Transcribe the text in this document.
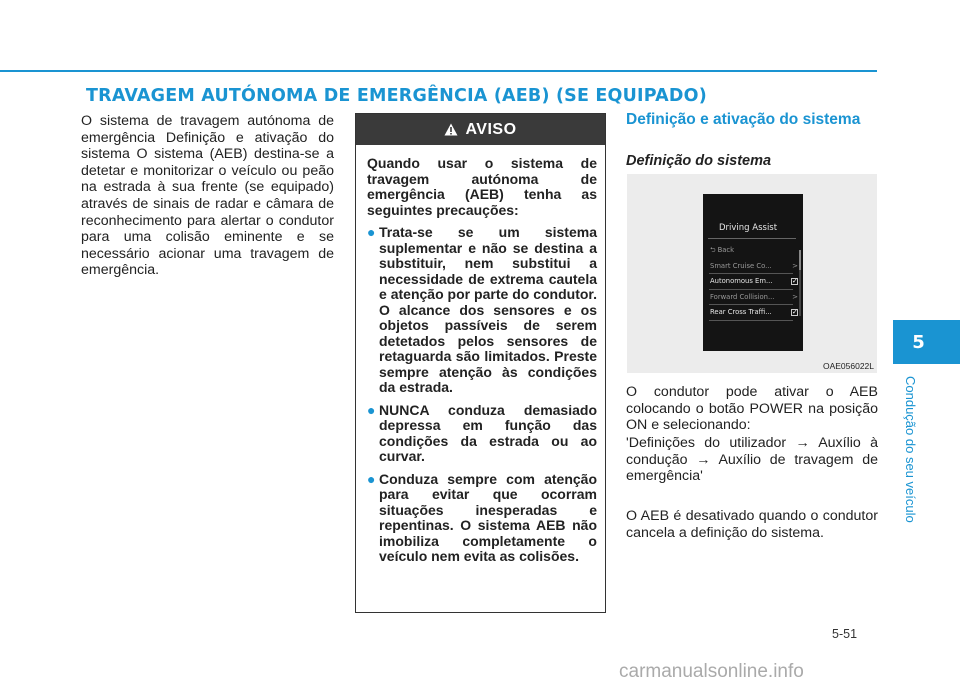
TRAVAGEM AUTÓNOMA DE EMERGÊNCIA (AEB) (SE EQUIPADO)

O sistema de travagem autónoma de emergência Definição e ativação do sistema O sistema (AEB) destina-se a detetar e monitorizar o veículo ou peão na estrada à sua frente (se equipado) através de sinais de radar e câmara de reconhecimento para alertar o condutor para uma colisão eminente e se necessário acionar uma travagem de emergência.

AVISO

Quando usar o sistema de travagem autónoma de emergência (AEB) tenha as seguintes precauções:

● Trata-se se um sistema suplementar e não se destina a substituir, nem substitui a necessidade de extrema cautela e atenção por parte do condutor. O alcance dos sensores e os objetos passíveis de serem detetados pelos sensores de retaguarda são limitados. Preste sempre atenção às condições da estrada.
● NUNCA conduza demasiado depressa em função das condições da estrada ou ao curvar.
● Conduza sempre com atenção para evitar que ocorram situações inesperadas e repentinas. O sistema AEB não imobiliza completamente o veículo nem evita as colisões.
Definição e ativação do sistema
Definição do sistema
Driving Assist
⮌ Back
Smart Cruise Co...	>
Autonomous Em...	✓
Forward Collision...	>
Rear Cross Traffi...	✓
OAE056022L

O condutor pode ativar o AEB colocando o botão POWER na posição ON e selecionando:

'Definições do utilizador → Auxílio à condução → Auxílio de travagem de emergência'

O AEB é desativado quando o condutor cancela a definição do sistema.

5
Condução do seu veículo
5-51
carmanualsonline.info
